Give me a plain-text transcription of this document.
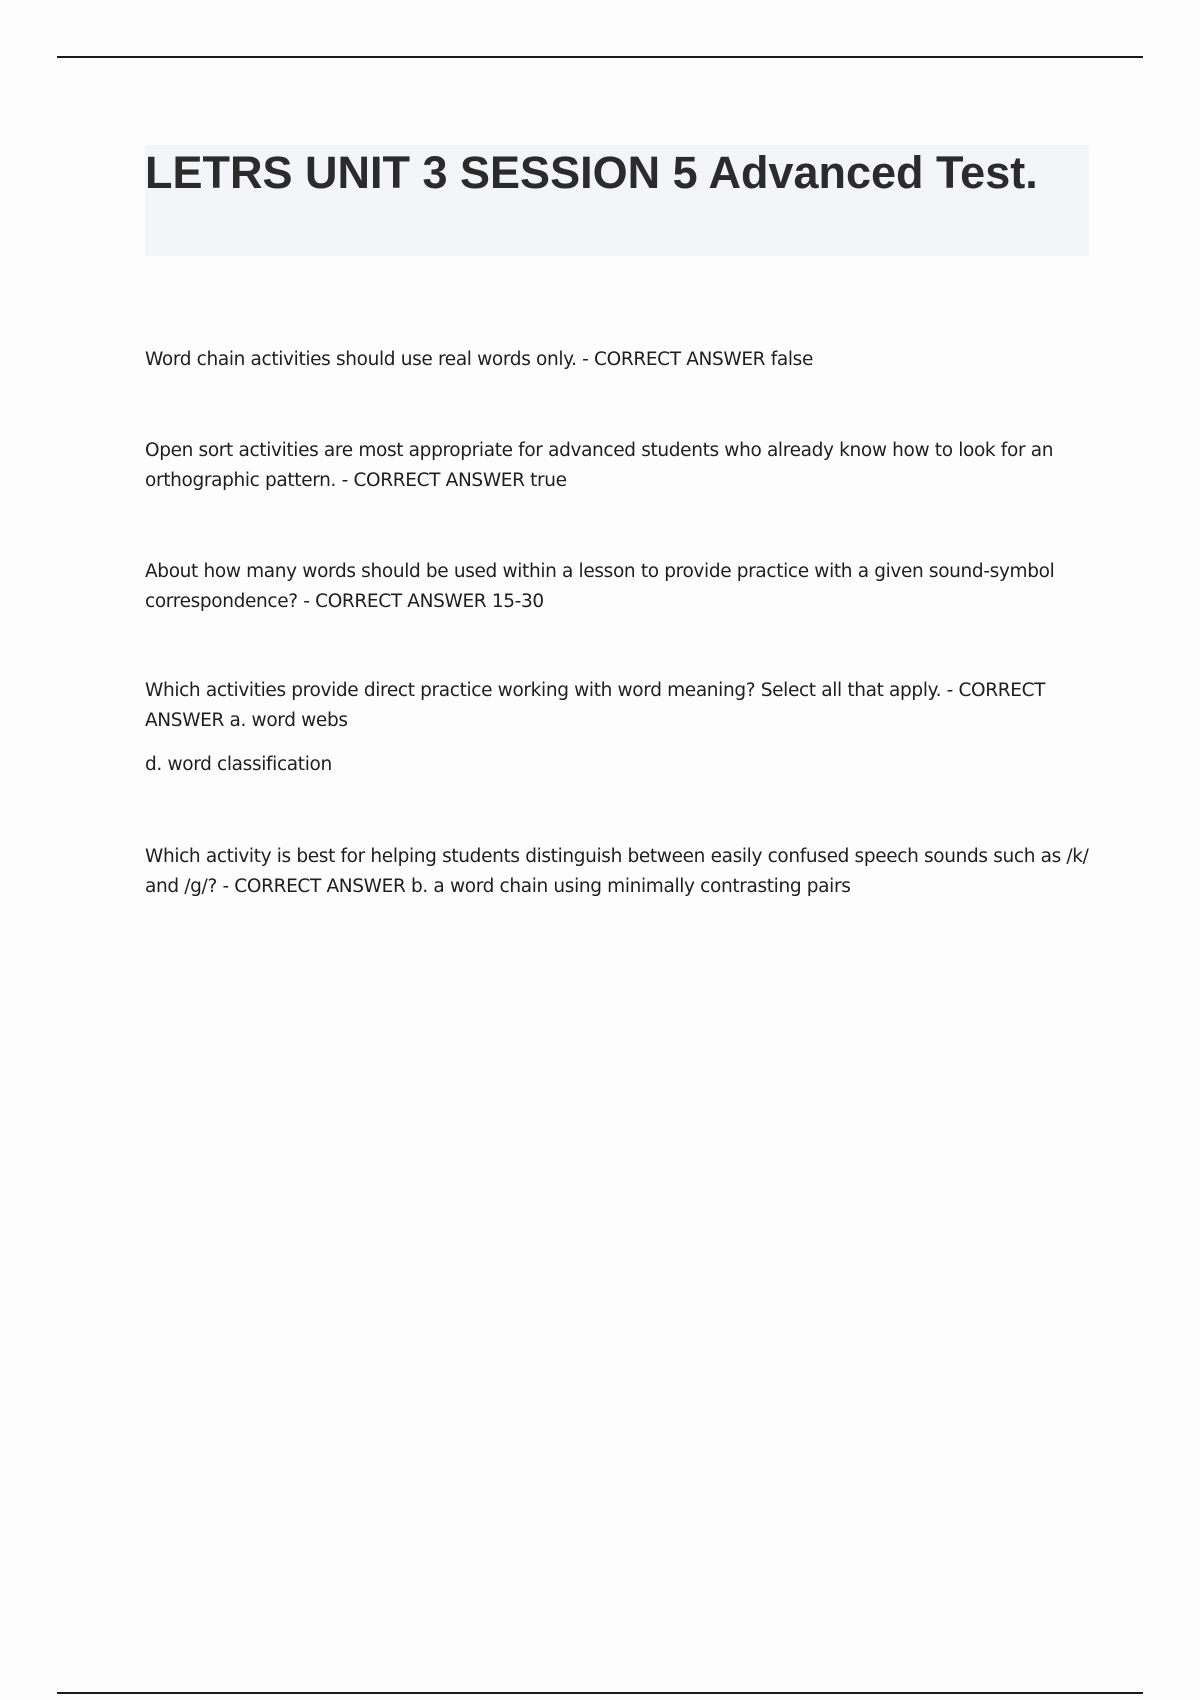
LETRS UNIT 3 SESSION 5 Advanced Test.

Word chain activities should use real words only. - CORRECT ANSWER false

Open sort activities are most appropriate for advanced students who already know how to look for an orthographic pattern. - CORRECT ANSWER true

About how many words should be used within a lesson to provide practice with a given sound-symbol correspondence? - CORRECT ANSWER 15-30

Which activities provide direct practice working with word meaning? Select all that apply. - CORRECT ANSWER a. word webs

d. word classification

Which activity is best for helping students distinguish between easily confused speech sounds such as /k/ and /g/? - CORRECT ANSWER b. a word chain using minimally contrasting pairs
